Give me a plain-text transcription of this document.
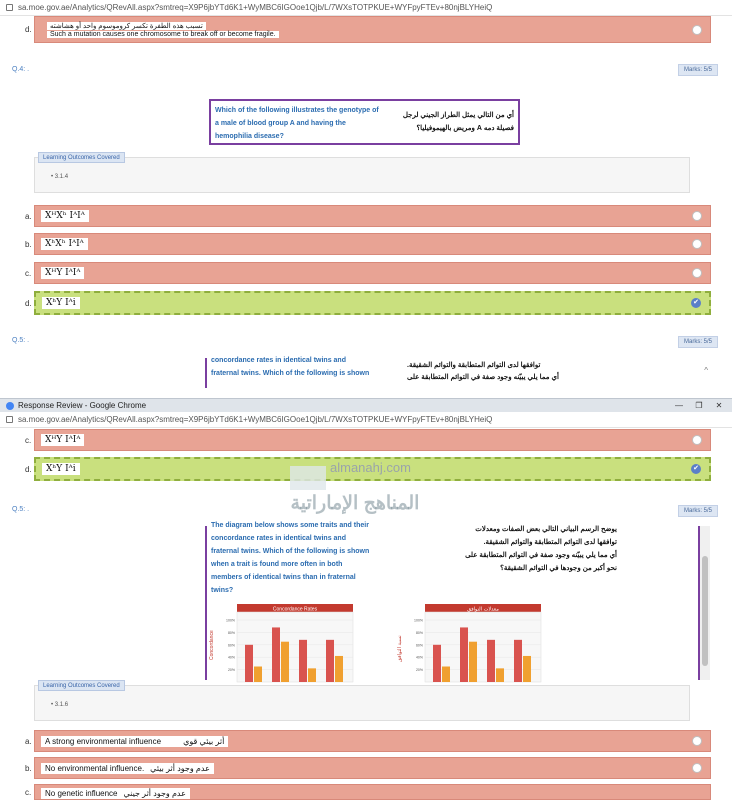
sa.moe.gov.ae/Analytics/QRevAll.aspx?smtreq=X9P6jbYTd6K1+WyMBC6IGOoe1Qjb/L/7WXsTOTPKUE+WYFpyFTEv+80njBLYHeiQ
d.	تسبب هذه الطفرة تكسر كروموسوم واحد أو هشاشته
Such a mutation causes one chromosome to break off or become fragile.
Q.4: .	Marks: 5/5
Which of the following illustrates the genotype of a male of blood group A and having the hemophilia disease?
أي من التالي يمثل الطراز الجيني لرجل فصيلة دمه A ومريض بالهيموفيليا؟
• 3.1.4
Learning Outcomes Covered
a.	XᴴXʰ IᴬIᴬ
b.	XʰXʰ IᴬIᴬ
c.	XᴴY IᴬIᴬ
d.	XʰY Iᴬi	✔
Q.5: .	Marks: 5/5
concordance rates in identical twins and
fraternal twins. Which of the following is shown
توافقها لدى التوائم المتطابقة والتوائم الشقيقة.
أي مما يلي يبيّنه وجود صفة في التوائم المتطابقة على
^
Response Review - Google Chrome	—	❐	✕
sa.moe.gov.ae/Analytics/QRevAll.aspx?smtreq=X9P6jbYTd6K1+WyMBC6IGOoe1Qjb/L/7WXsTOTPKUE+WYFpyFTEv+80njBLYHeiQ
c.	XᴴY IᴬIᴬ
d.	XʰY Iᴬi	✔
almanahj.com
المناهج الإماراتية
Q.5: .	Marks: 5/5
The diagram below shows some traits and their
concordance rates in identical twins and
fraternal twins. Which of the following is shown
when a trait is found more often in both
members of identical twins than in fraternal
twins?
يوضح الرسم البياني التالي بعض الصفات ومعدلات
توافقها لدى التوائم المتطابقة والتوائم الشقيقة.
أي مما يلي يبيّنه وجود صفة في التوائم المتطابقة على
نحو أكبر من وجودها في التوائم الشقيقة؟
Concordance Rates
Concordance
100%
80%
60%
40%
20%
معدلات التوافق
نسبة التوافق
100%
80%
60%
40%
20%
• 3.1.6
Learning Outcomes Covered
a. A strong environmental influence	أثر بيئي قوي
b. No environmental influence. عدم وجود أثر بيئي
c. No genetic influence عدم وجود أثر جيني
